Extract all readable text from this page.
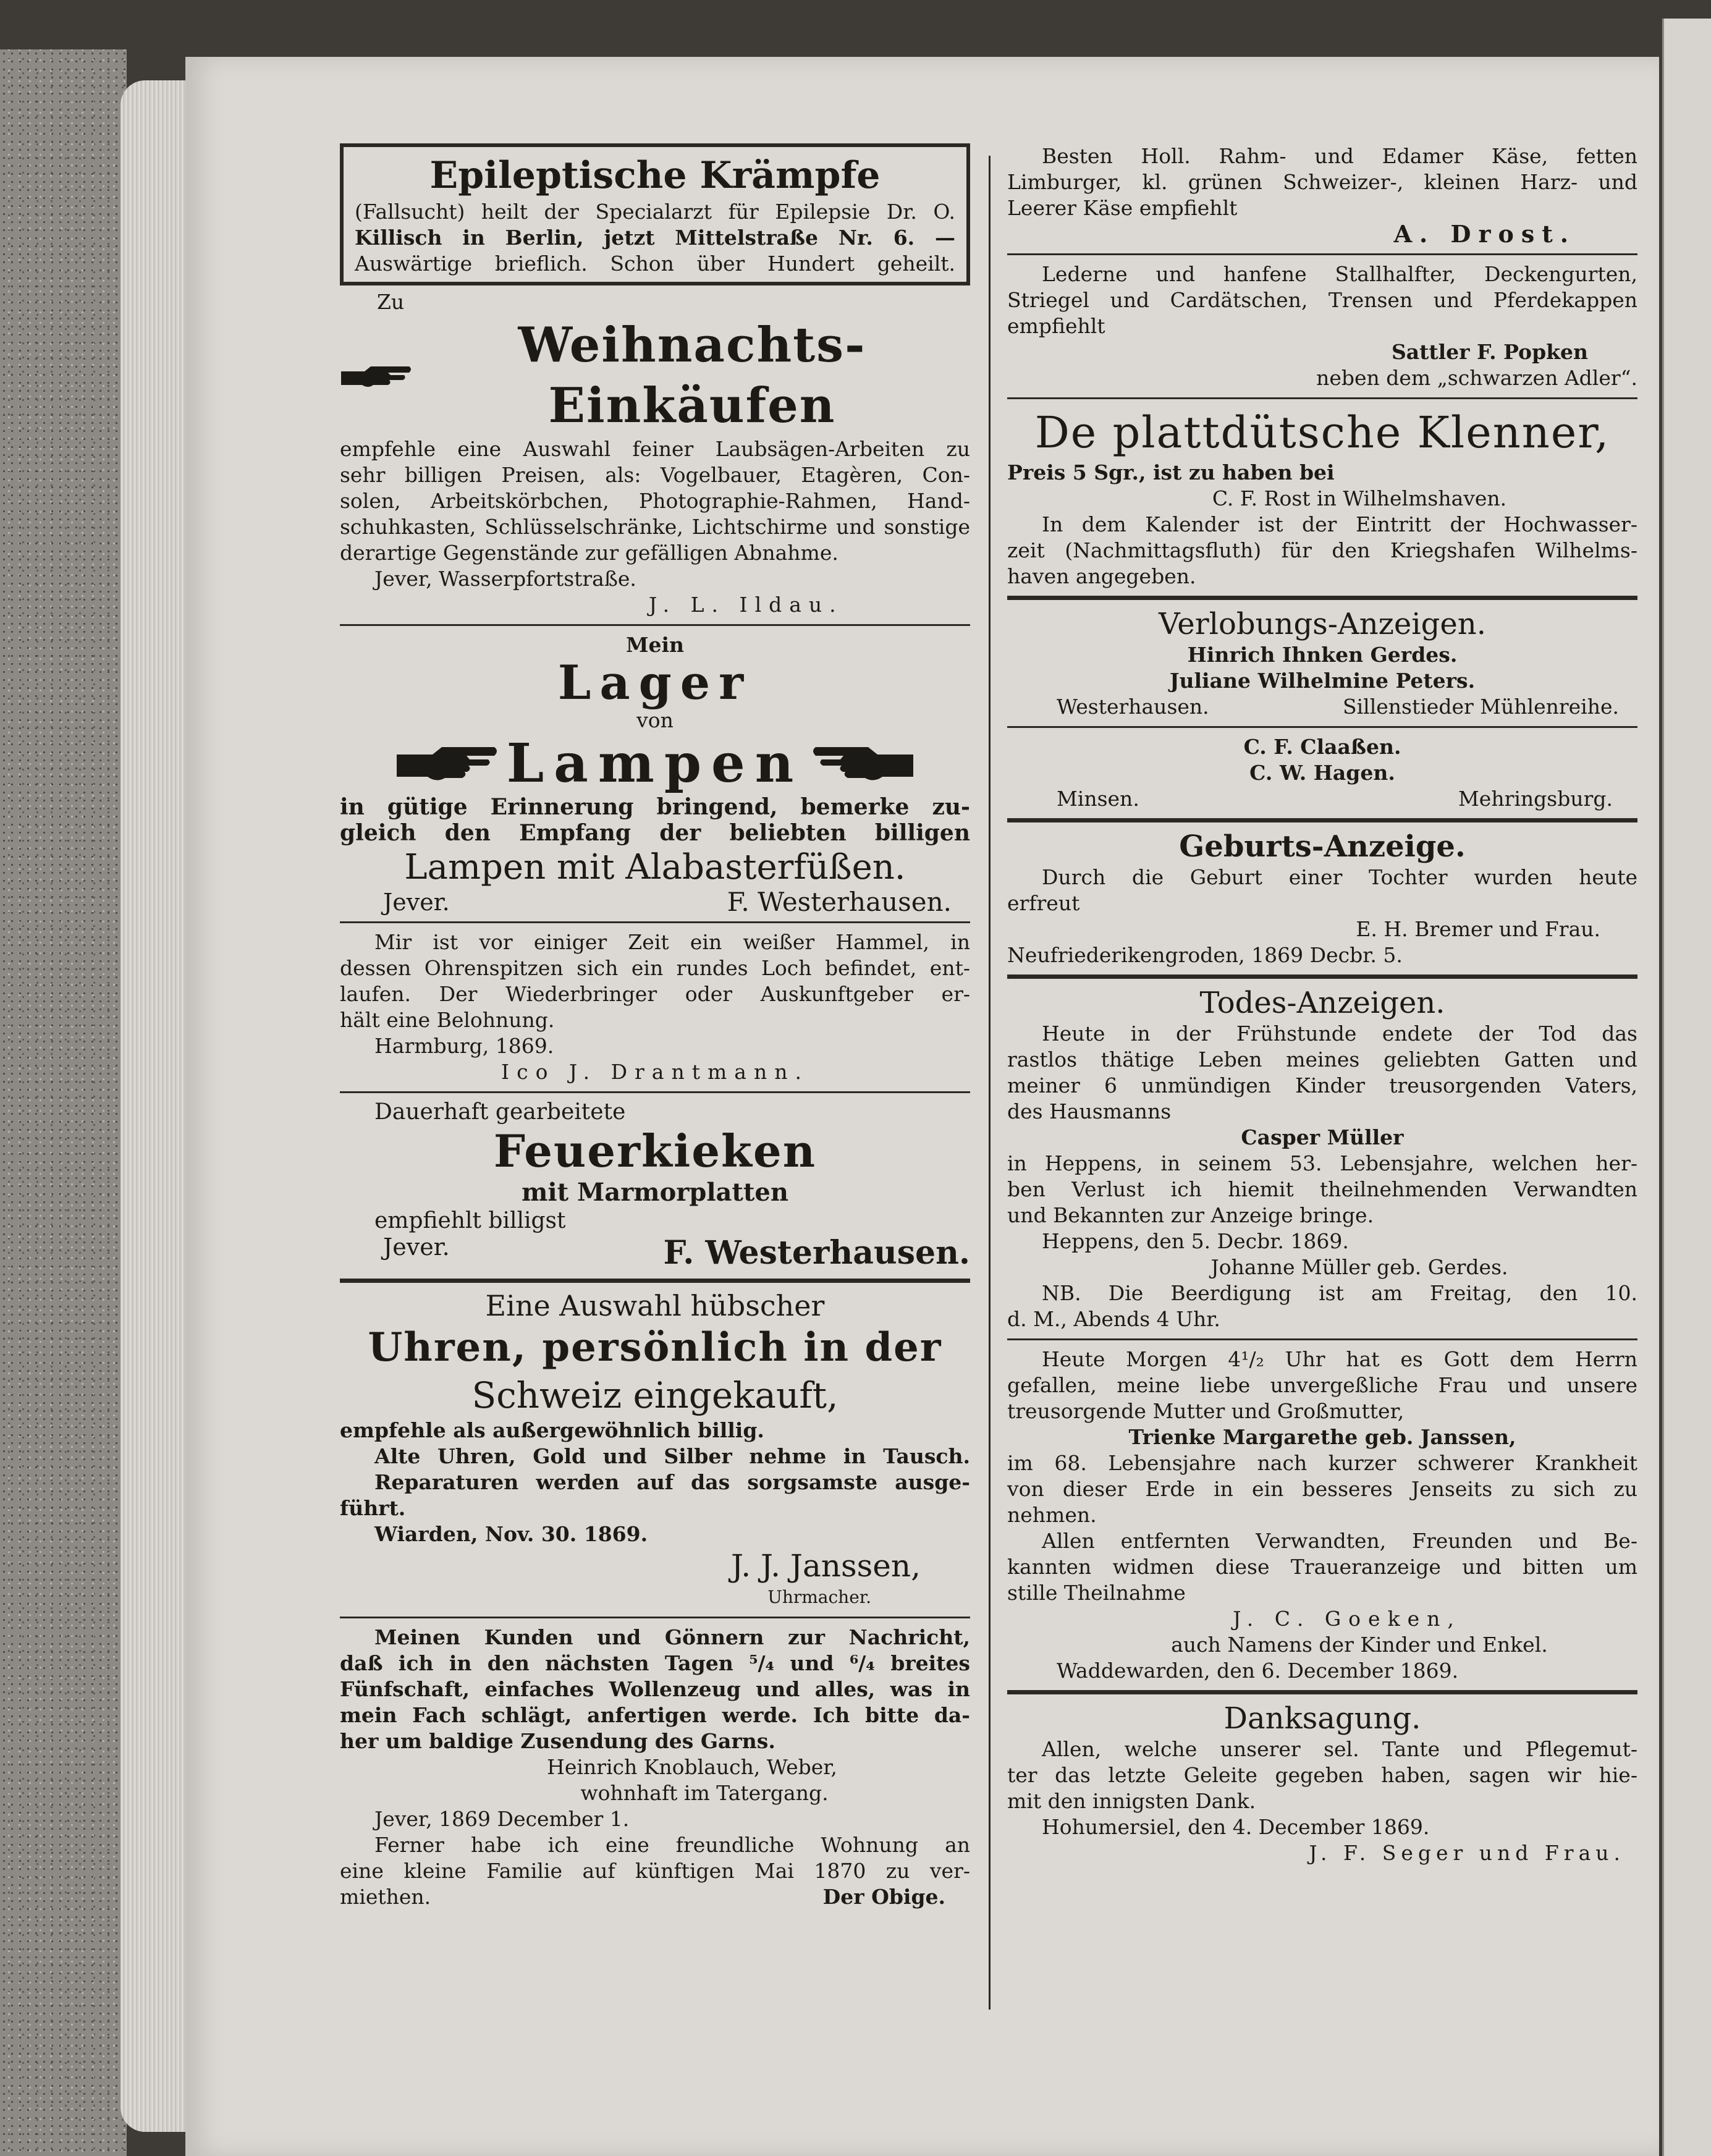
Epileptische Krämpfe

(Fallsucht) heilt der Specialarzt für Epilepsie Dr. O.

Killisch in Berlin, jetzt Mittelstraße Nr. 6. —

Auswärtige brieflich. Schon über Hundert geheilt.

Zu

Weihnachts-Einkäufen

empfehle eine Auswahl feiner Laubsägen-Arbeiten zu

sehr billigen Preisen, als: Vogelbauer, Etagèren, Con-

solen, Arbeitskörbchen, Photographie-Rahmen, Hand-

schuhkasten, Schlüsselschränke, Lichtschirme und sonstige

derartige Gegenstände zur gefälligen Abnahme.

Jever, Wasserpfortstraße.

J. L. Ildau.

Mein

Lager

von

Lampen

in gütige Erinnerung bringend, bemerke zu-

gleich den Empfang der beliebten billigen

Lampen mit Alabasterfüßen.

Jever.	F. Westerhausen.

Mir ist vor einiger Zeit ein weißer Hammel, in

dessen Ohrenspitzen sich ein rundes Loch befindet, ent-

laufen. Der Wiederbringer oder Auskunftgeber er-

hält eine Belohnung.

Harmburg, 1869.

Ico J. Drantmann.

Dauerhaft gearbeitete

Feuerkieken

mit Marmorplatten

empfiehlt billigst

Jever.	F. Westerhausen.

Eine Auswahl hübscher

Uhren, persönlich in der

Schweiz eingekauft,

empfehle als außergewöhnlich billig.

Alte Uhren, Gold und Silber nehme in Tausch.

Reparaturen werden auf das sorgsamste ausge-

führt.

Wiarden, Nov. 30. 1869.

J. J. Janssen,

Uhrmacher.

Meinen Kunden und Gönnern zur Nachricht,

daß ich in den nächsten Tagen ⁵/₄ und ⁶/₄ breites

Fünfschaft, einfaches Wollenzeug und alles, was in

mein Fach schlägt, anfertigen werde. Ich bitte da-

her um baldige Zusendung des Garns.

Heinrich Knoblauch, Weber,

wohnhaft im Tatergang.

Jever, 1869 December 1.

Ferner habe ich eine freundliche Wohnung an

eine kleine Familie auf künftigen Mai 1870 zu ver-

miethen.	Der Obige.

Besten Holl. Rahm- und Edamer Käse, fetten

Limburger, kl. grünen Schweizer-, kleinen Harz- und

Leerer Käse empfiehlt

A. Drost.

Lederne und hanfene Stallhalfter, Deckengurten,

Striegel und Cardätschen, Trensen und Pferdekappen

empfiehlt

Sattler F. Popken

neben dem „schwarzen Adler“.

De plattdütsche Klenner,

Preis 5 Sgr., ist zu haben bei

C. F. Rost in Wilhelmshaven.

In dem Kalender ist der Eintritt der Hochwasser-

zeit (Nachmittagsfluth) für den Kriegshafen Wilhelms-

haven angegeben.

Verlobungs-Anzeigen.

Hinrich Ihnken Gerdes.

Juliane Wilhelmine Peters.

Westerhausen.	Sillenstieder Mühlenreihe.

C. F. Claaßen.

C. W. Hagen.

Minsen.	Mehringsburg.

Geburts-Anzeige.

Durch die Geburt einer Tochter wurden heute

erfreut

E. H. Bremer und Frau.

Neufriederikengroden, 1869 Decbr. 5.

Todes-Anzeigen.

Heute in der Frühstunde endete der Tod das

rastlos thätige Leben meines geliebten Gatten und

meiner 6 unmündigen Kinder treusorgenden Vaters,

des Hausmanns

Casper Müller

in Heppens, in seinem 53. Lebensjahre, welchen her-

ben Verlust ich hiemit theilnehmenden Verwandten

und Bekannten zur Anzeige bringe.

Heppens, den 5. Decbr. 1869.

Johanne Müller geb. Gerdes.

NB. Die Beerdigung ist am Freitag, den 10.

d. M., Abends 4 Uhr.

Heute Morgen 4¹/₂ Uhr hat es Gott dem Herrn

gefallen, meine liebe unvergeßliche Frau und unsere

treusorgende Mutter und Großmutter,

Trienke Margarethe geb. Janssen,

im 68. Lebensjahre nach kurzer schwerer Krankheit

von dieser Erde in ein besseres Jenseits zu sich zu

nehmen.

Allen entfernten Verwandten, Freunden und Be-

kannten widmen diese Traueranzeige und bitten um

stille Theilnahme

J. C. Goeken,

auch Namens der Kinder und Enkel.

Waddewarden, den 6. December 1869.

Danksagung.

Allen, welche unserer sel. Tante und Pflegemut-

ter das letzte Geleite gegeben haben, sagen wir hie-

mit den innigsten Dank.

Hohumersiel, den 4. December 1869.

J. F. Seger und Frau.
